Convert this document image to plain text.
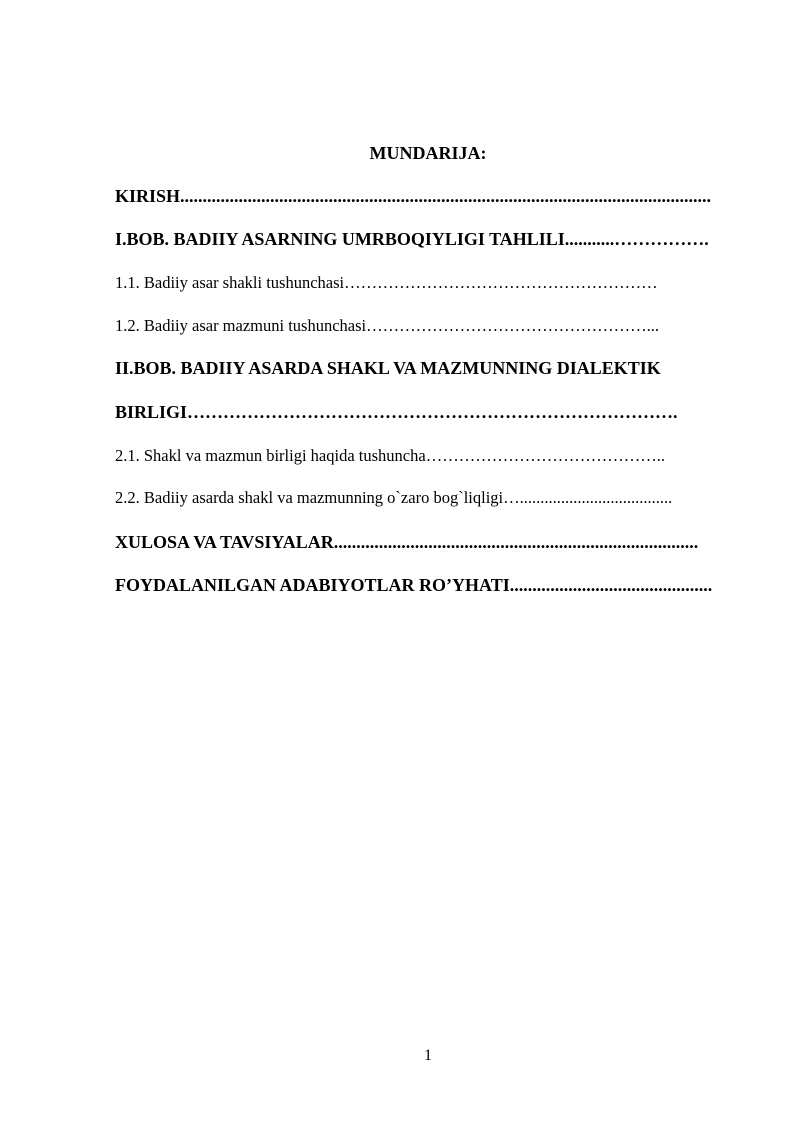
MUNDARIJA:
KIRISH......................................................................................................................
I.BOB. BADIIY ASARNING UMRBOQIYLIGI TAHLILI...........…………….
1.1. Badiiy asar shakli tushunchasi…………………………………………………
1.2. Badiiy asar mazmuni tushunchasi……………………………………………...
II.BOB. BADIIY ASARDA SHAKL VA MAZMUNNING DIALEKTIK
BIRLIGI……………………………………………………………………….
2.1. Shakl va mazmun birligi haqida tushuncha……………………………………..
2.2. Badiiy asarda shakl va mazmunning o`zaro bog`liqligi….....................................
XULOSA VA TAVSIYALAR.................................................................................
FOYDALANILGAN ADABIYOTLAR RO’YHATI.............................................
1
